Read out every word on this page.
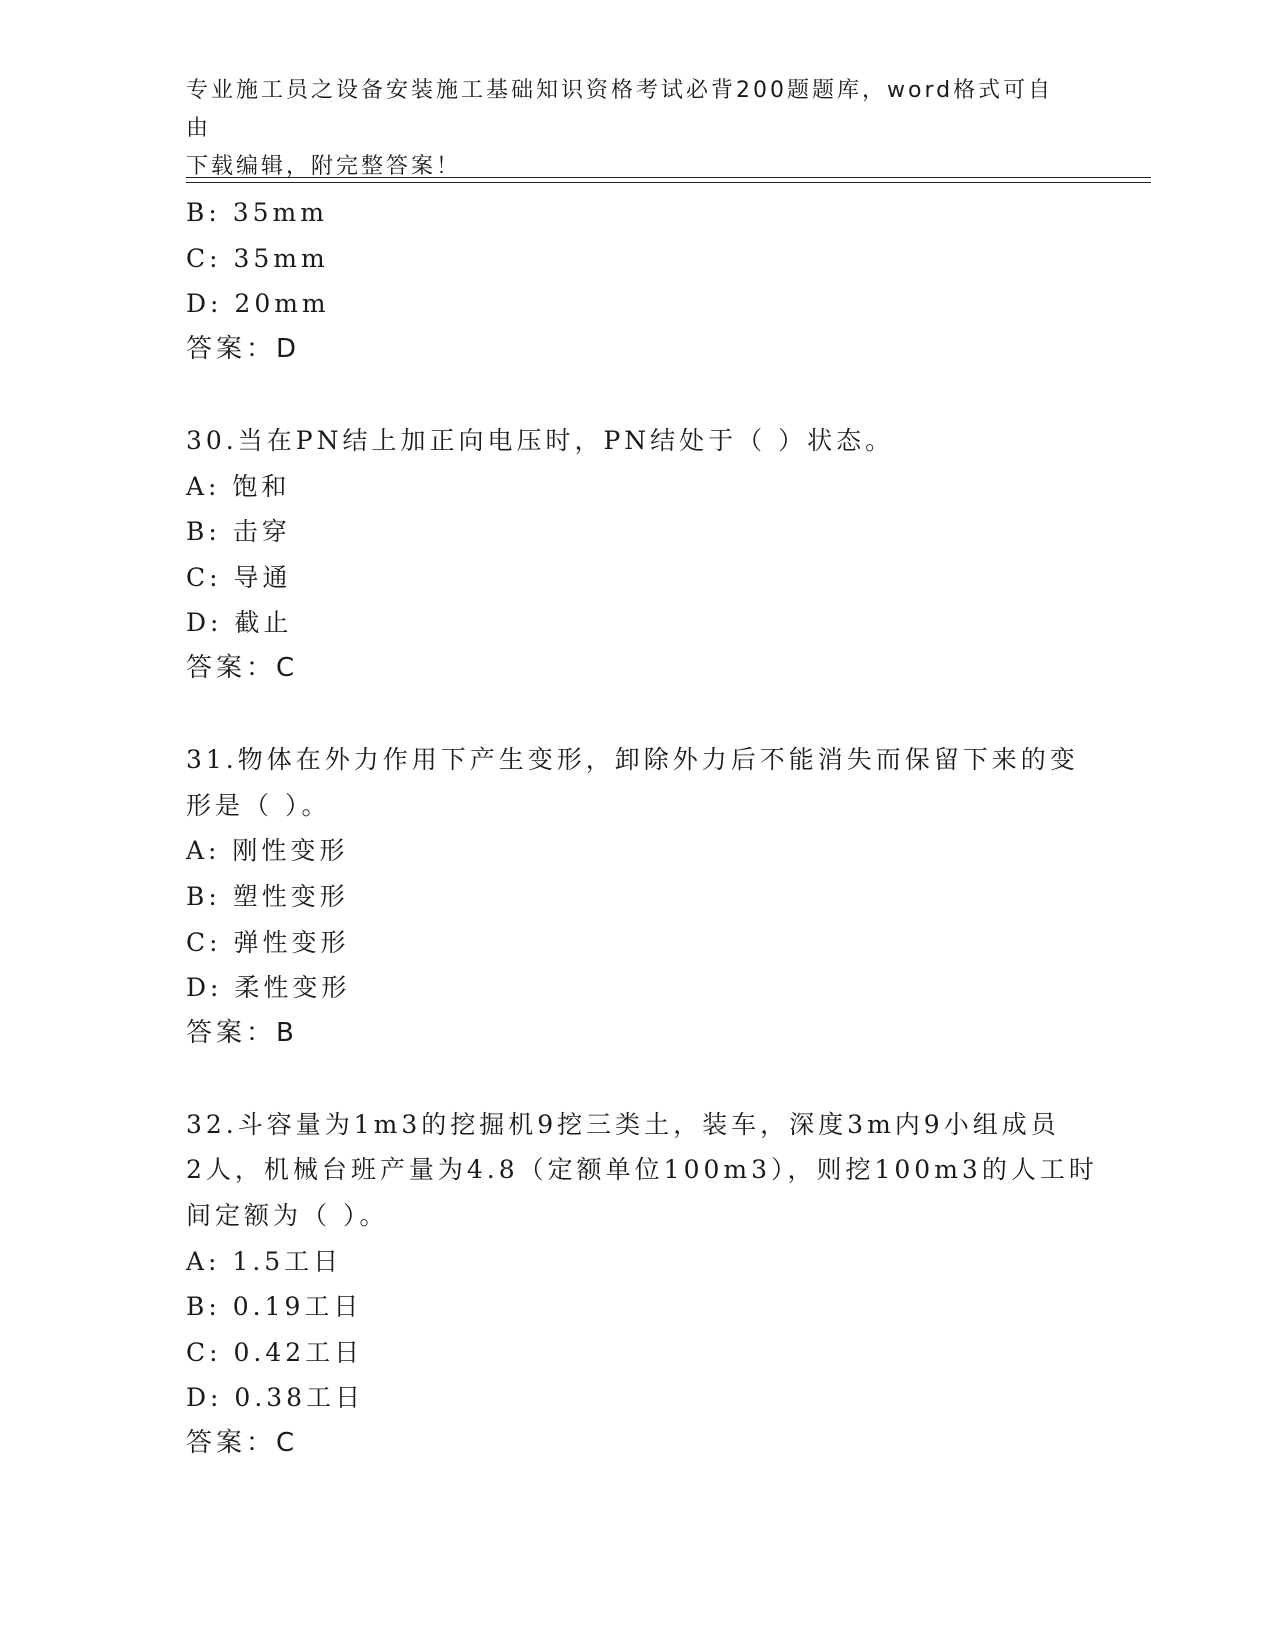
专业施工员之设备安装施工基础知识资格考试必背200题题库，word格式可自由
下载编辑，附完整答案！
B: 35mm
C: 35mm
D: 20mm
答案：D
30.当在PN结上加正向电压时，PN结处于（ ）状态。
A: 饱和
B: 击穿
C: 导通
D: 截止
答案：C
31.物体在外力作用下产生变形，卸除外力后不能消失而保留下来的变
形是（ ）。
A: 刚性变形
B: 塑性变形
C: 弹性变形
D: 柔性变形
答案：B
32.斗容量为1m3的挖掘机9挖三类土，装车，深度3m内9小组成员
2人，机械台班产量为4.8（定额单位100m3），则挖100m3的人工时
间定额为（ ）。
A: 1.5工日
B: 0.19工日
C: 0.42工日
D: 0.38工日
答案：C
